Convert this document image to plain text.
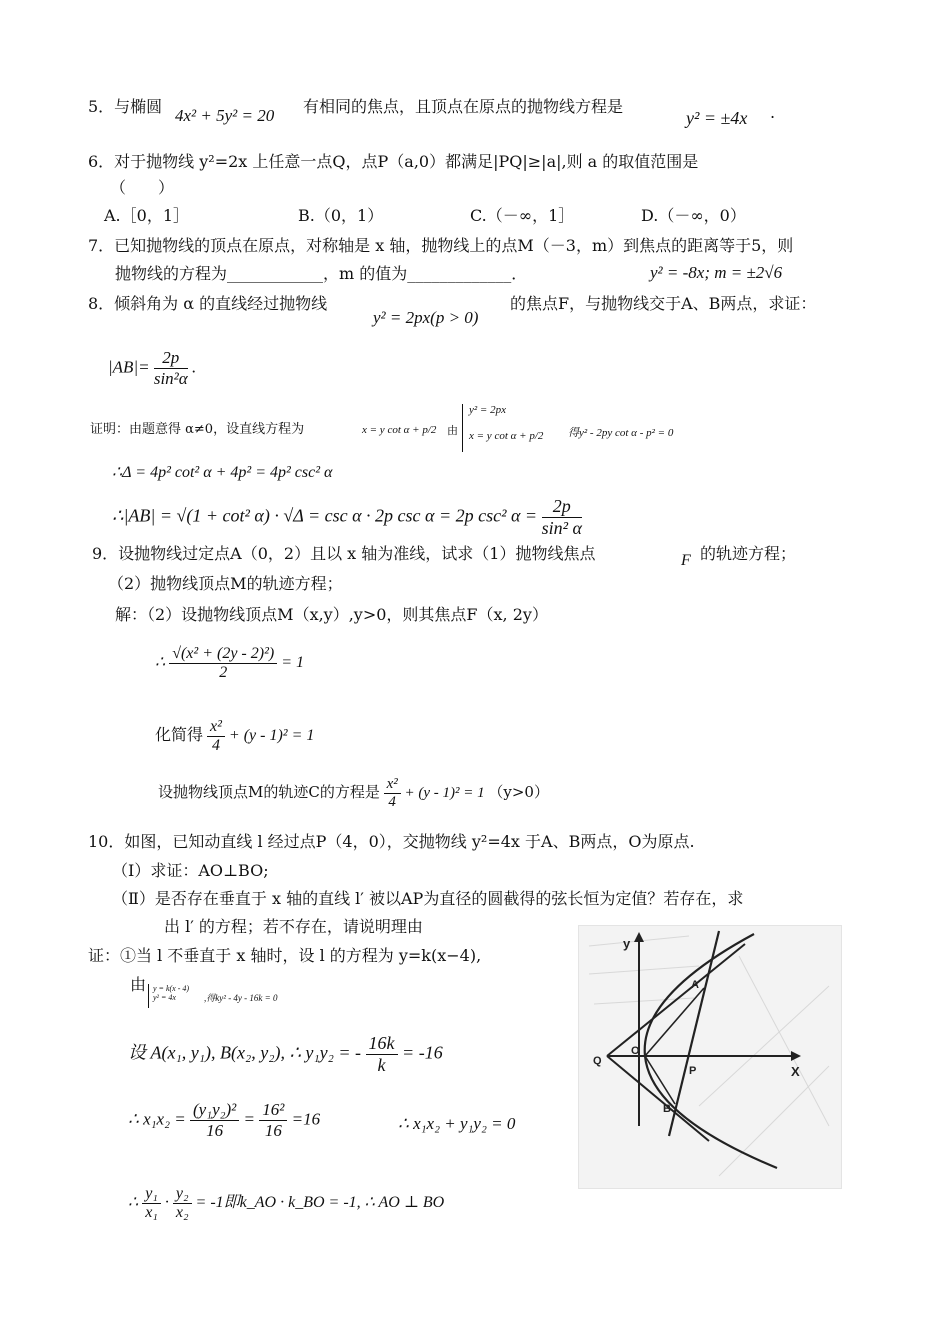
5．与椭圆 4x² + 5y² = 20 有相同的焦点，且顶点在原点的抛物线方程是
y² = ±4x .
6．对于抛物线 y²=2x 上任意一点Q，点P（a,0）都满足|PQ|≥|a|,则 a 的取值范围是
（　　）
A.［0，1］	B.（0，1）	C.（－∞，1］	D.（－∞，0）
7．已知抛物线的顶点在原点，对称轴是 x 轴，抛物线上的点M（－3，m）到焦点的距离等于5，则
抛物线的方程为____________，m 的值为_____________．	y² = -8x; m = ±2√6
8．倾斜角为 α 的直线经过抛物线
y² = 2px(p > 0)
的焦点F，与抛物线交于A、B两点，求证：
$|AB|= \frac{2p}{\text{sin²α}}$ .
证明：由题意得 α≠0，设直线方程为	x = y cot α + p/2 由
y² = 2px
x = y cot α + p/2 得y² - 2py cot α - p² = 0
∴Δ = 4p² cot² α + 4p² = 4p² csc² α
∴|AB| = √(1 + cot² α) · √Δ = csc α · 2p csc α = 2p csc² $\alpha = \frac{2p}{\text{sin² α}}$
9．设抛物线过定点A（0，2）且以 x 轴为准线，试求（1）抛物线焦点	F 的轨迹方程；
（2）抛物线顶点M的轨迹方程；
解：（2）设抛物线顶点M（x,y）,y>0，则其焦点F（x, 2y）
∴ $\frac{\text{√(x² + (2y - 2)²)}}{2} = 1$
化简得 $\frac{\text{x²}}{4} + (y - 1)^2 = 1$
设抛物线顶点M的轨迹C的方程是 $\frac{\text{x²}}{4} + (y - 1)^2 = 1$ （y>0）
10．如图，已知动直线 l 经过点P（4，0），交抛物线 y²=4x 于A、B两点，O为原点.
（Ⅰ）求证：AO⊥BO;
（Ⅱ）是否存在垂直于 x 轴的直线 l′ 被以AP为直径的圆截得的弦长恒为定值？若存在，求
出 l′ 的方程；若不存在，请说明理由
证：①当 l 不垂直于 x 轴时，设 l 的方程为 y=k(x−4),
由 y = k(x - 4)
y² = 4x	,得ky² - 4y - 16k = 0
设 A(x₁, y₁), B(x₂, y₂), ∴ y₁y₂ = - $\frac{16k}{k} = -16$
∴ $x_1x_2 = \frac{\text{(y₁y₂)²}}{16} = \frac{\text{16²}}{16} =16$	∴ x₁x₂ + y₁y₂ = 0
∴ $\frac{\text{y₁}}{\text{x₁}} \cdot \frac{\text{y₂}}{\text{x₂}} = -1$即k_AO · k_BO = -1, ∴ AO ⊥ BO
y
X
Q
O
P
A
B
